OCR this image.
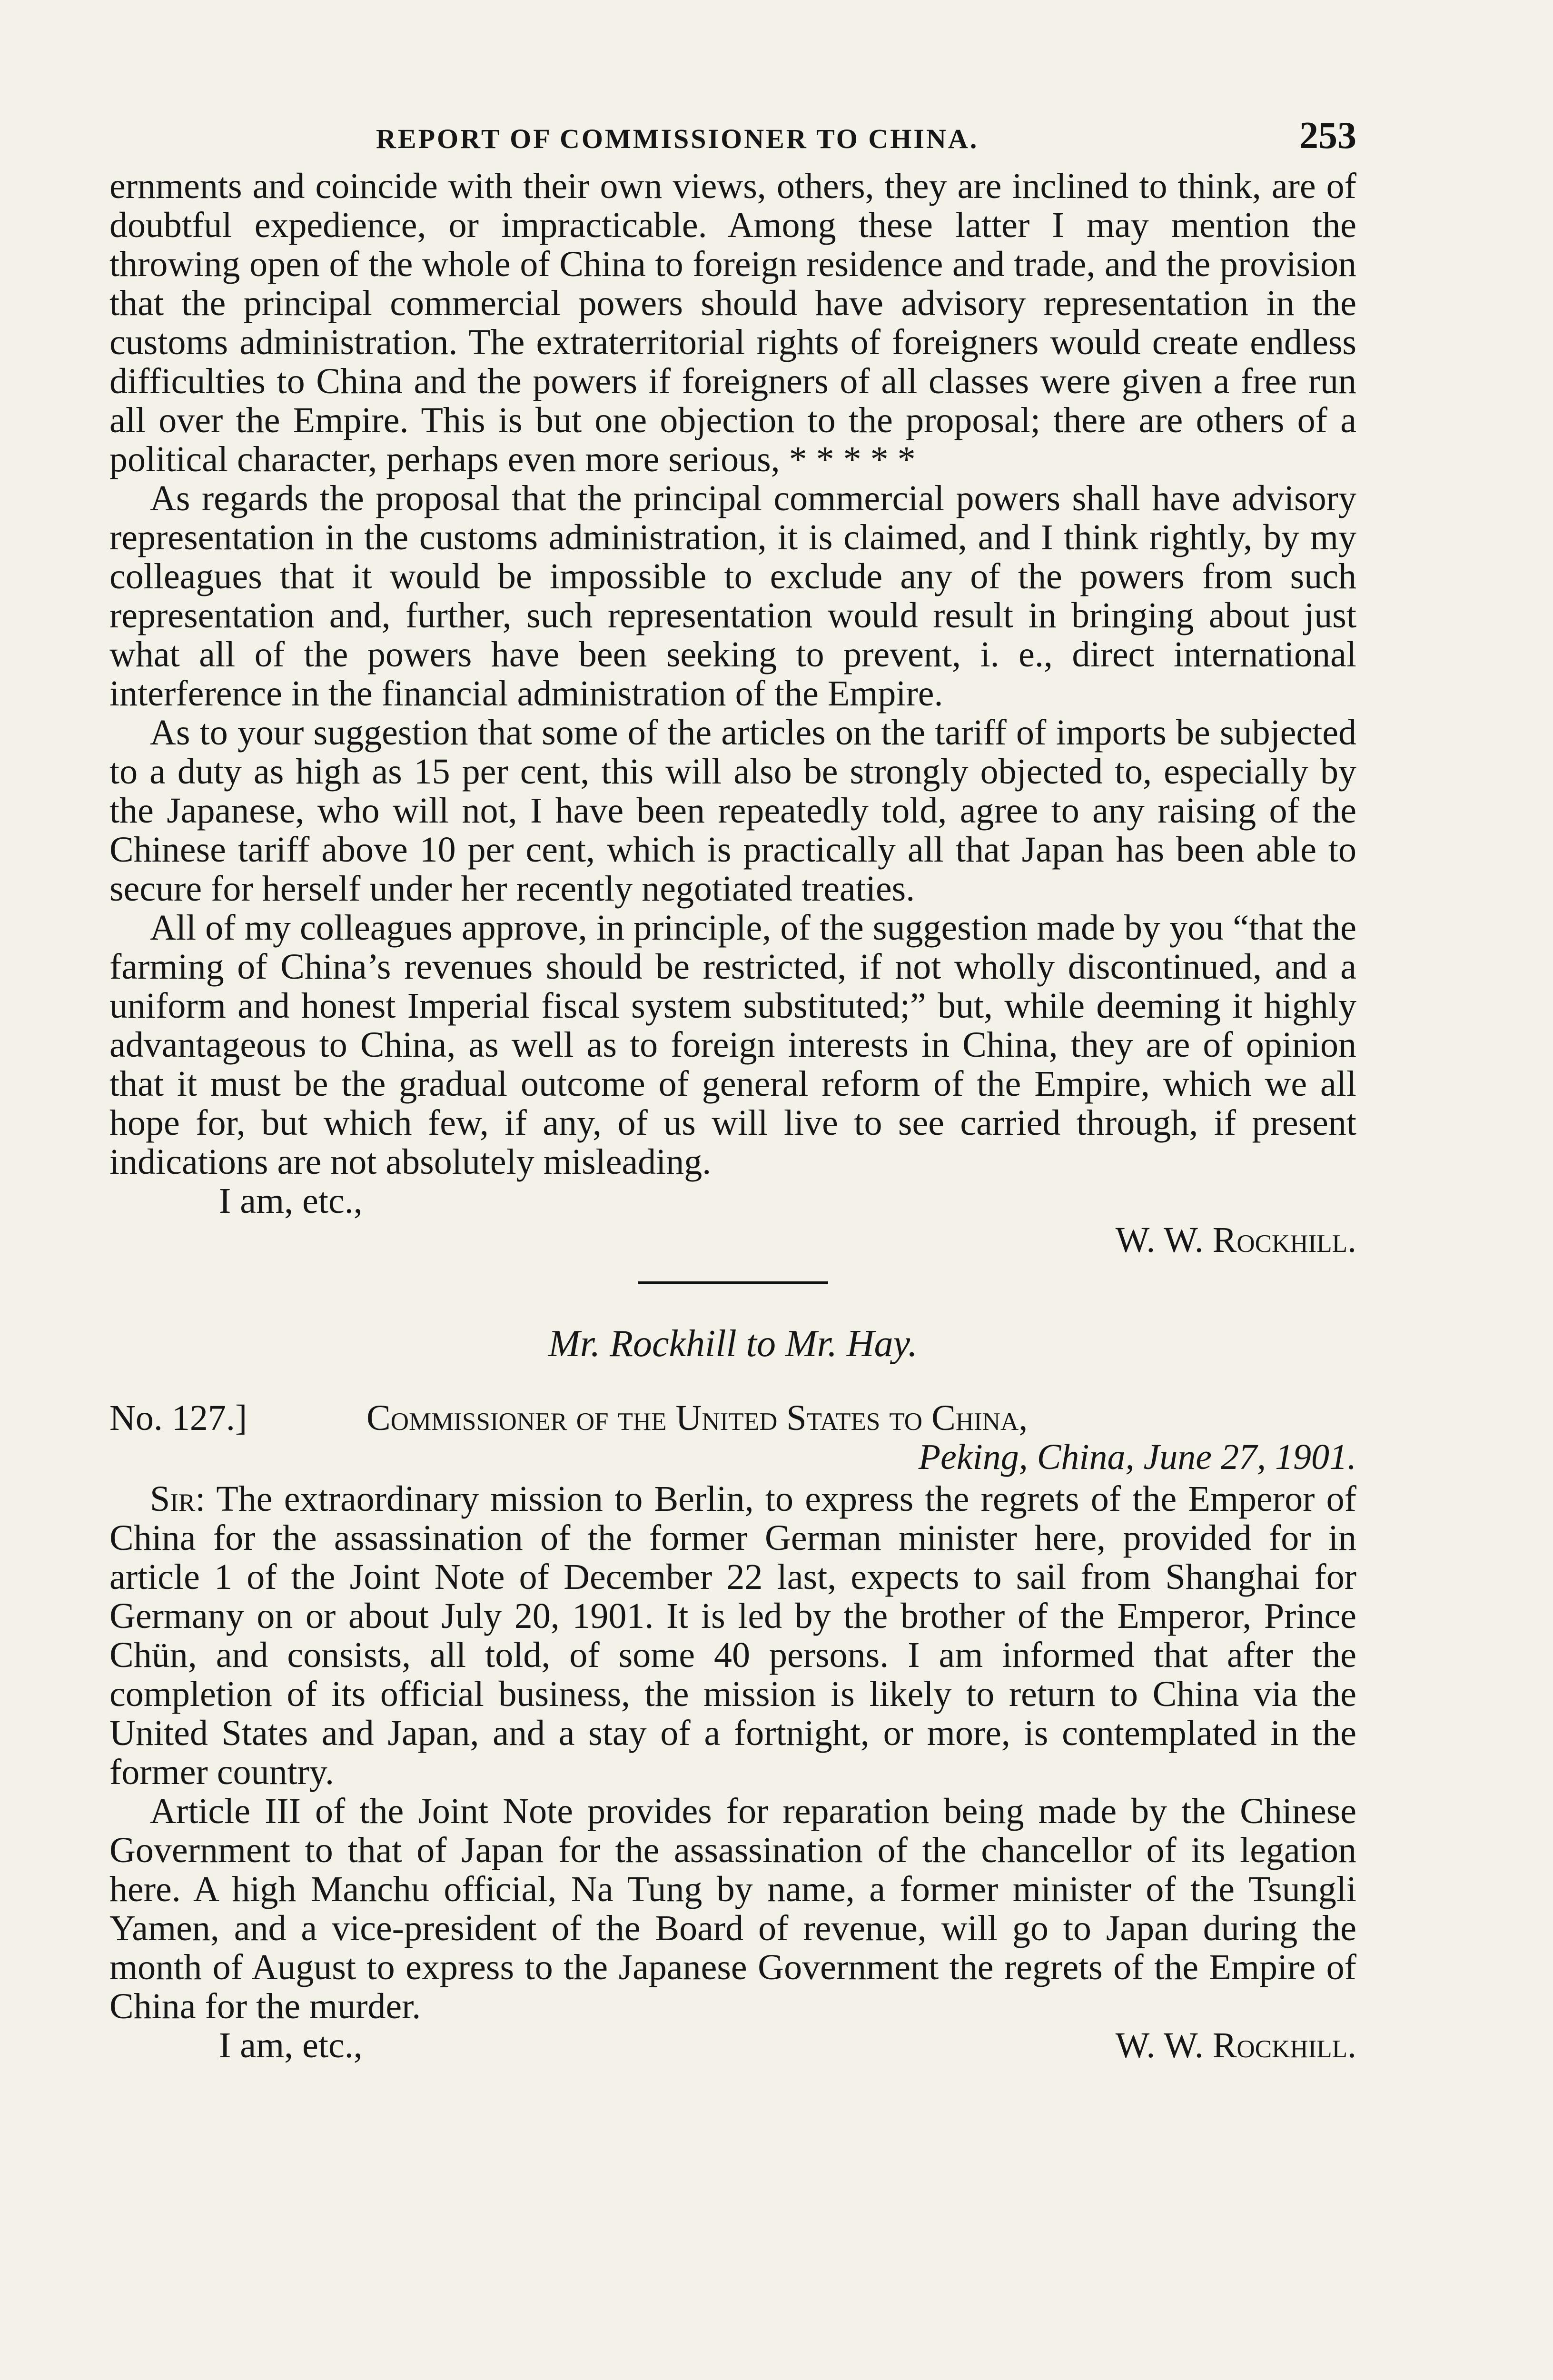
REPORT OF COMMISSIONER TO CHINA.	253

ernments and coincide with their own views, others, they are inclined to think, are of doubtful expedience, or impracticable. Among these latter I may mention the throwing open of the whole of China to foreign residence and trade, and the provision that the principal commercial powers should have advisory representation in the customs administration. The extraterritorial rights of foreigners would create endless difficulties to China and the powers if foreigners of all classes were given a free run all over the Empire. This is but one objection to the proposal; there are others of a political character, perhaps even more serious, * * * * *

As regards the proposal that the principal commercial powers shall have advisory representation in the customs administration, it is claimed, and I think rightly, by my colleagues that it would be impossible to exclude any of the powers from such representation and, further, such representation would result in bringing about just what all of the powers have been seeking to prevent, i. e., direct international interference in the financial administration of the Empire.

As to your suggestion that some of the articles on the tariff of imports be subjected to a duty as high as 15 per cent, this will also be strongly objected to, especially by the Japanese, who will not, I have been repeatedly told, agree to any raising of the Chinese tariff above 10 per cent, which is practically all that Japan has been able to secure for herself under her recently negotiated treaties.

All of my colleagues approve, in principle, of the suggestion made by you “that the farming of China’s revenues should be restricted, if not wholly discontinued, and a uniform and honest Imperial fiscal system substituted;” but, while deeming it highly advantageous to China, as well as to foreign interests in China, they are of opinion that it must be the gradual outcome of general reform of the Empire, which we all hope for, but which few, if any, of us will live to see carried through, if present indications are not absolutely misleading.

I am, etc.,

W. W. Rockhill.

Mr. Rockhill to Mr. Hay.

No. 127.]	Commissioner of the United States to China,

Peking, China, June 27, 1901.

Sir: The extraordinary mission to Berlin, to express the regrets of the Emperor of China for the assassination of the former German minister here, provided for in article 1 of the Joint Note of December 22 last, expects to sail from Shanghai for Germany on or about July 20, 1901. It is led by the brother of the Emperor, Prince Chün, and consists, all told, of some 40 persons. I am informed that after the completion of its official business, the mission is likely to return to China via the United States and Japan, and a stay of a fortnight, or more, is contemplated in the former country.

Article III of the Joint Note provides for reparation being made by the Chinese Government to that of Japan for the assassination of the chancellor of its legation here. A high Manchu official, Na Tung by name, a former minister of the Tsungli Yamen, and a vice-president of the Board of revenue, will go to Japan during the month of August to express to the Japanese Government the regrets of the Empire of China for the murder.

I am, etc.,	W. W. Rockhill.
